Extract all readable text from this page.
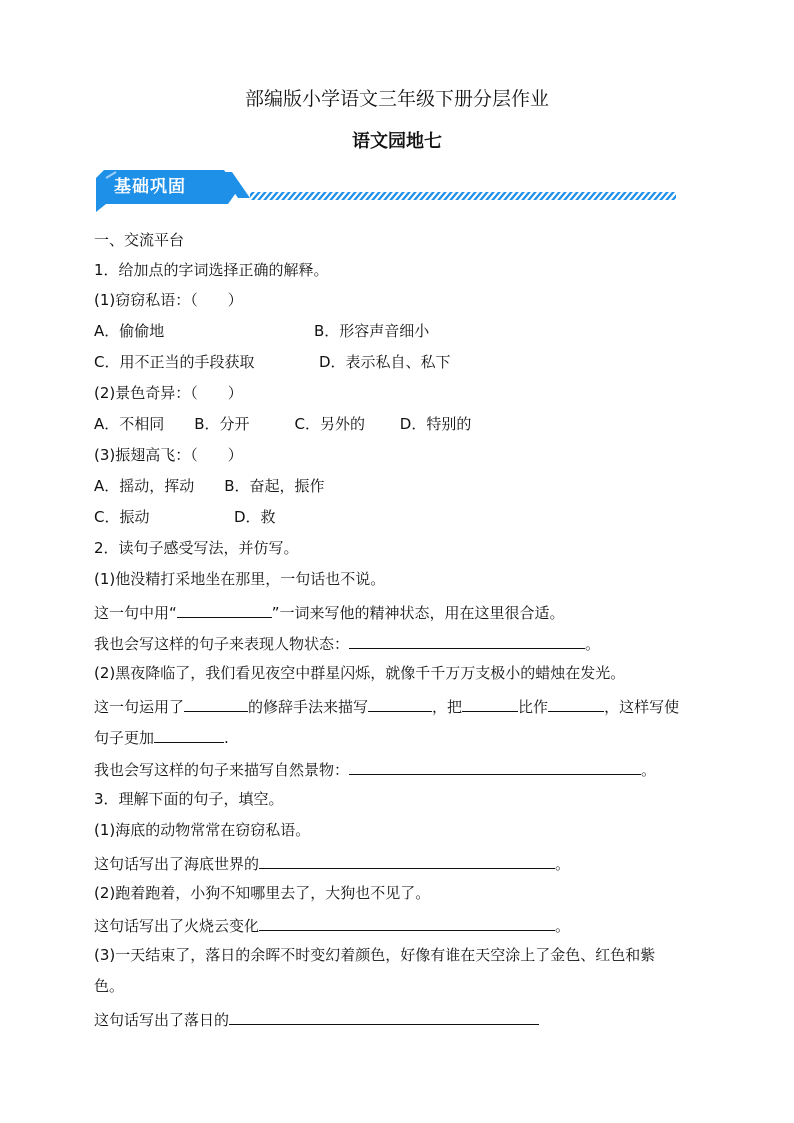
部编版小学语文三年级下册分层作业
语文园地七
基础巩固
一、交流平台
1．给加点的字词选择正确的解释。
(1)窃窃私语：（　　）
A．偷偷地	B．形容声音细小
C．用不正当的手段获取	D．表示私自、私下
(2)景色奇异：（　　）
A．不相同　　B．分开　　　C．另外的　　 D．特别的
(3)振翅高飞：（　　）
A．摇动，挥动　　B．奋起，振作
C．振动	D．救
2．读句子感受写法，并仿写。
(1)他没精打采地坐在那里，一句话也不说。
这一句中用“	”一词来写他的精神状态，用在这里很合适。
我也会写这样的句子来表现人物状态：	。
(2)黑夜降临了，我们看见夜空中群星闪烁，就像千千万万支极小的蜡烛在发光。
这一句运用了	的修辞手法来描写	，把	比作	，这样写使
句子更加	.
我也会写这样的句子来描写自然景物：	。
3．理解下面的句子，填空。
(1)海底的动物常常在窃窃私语。
这句话写出了海底世界的	。
(2)跑着跑着，小狗不知哪里去了，大狗也不见了。
这句话写出了火烧云变化	。
(3)一天结束了，落日的余晖不时变幻着颜色，好像有谁在天空涂上了金色、红色和紫
色。
这句话写出了落日的
